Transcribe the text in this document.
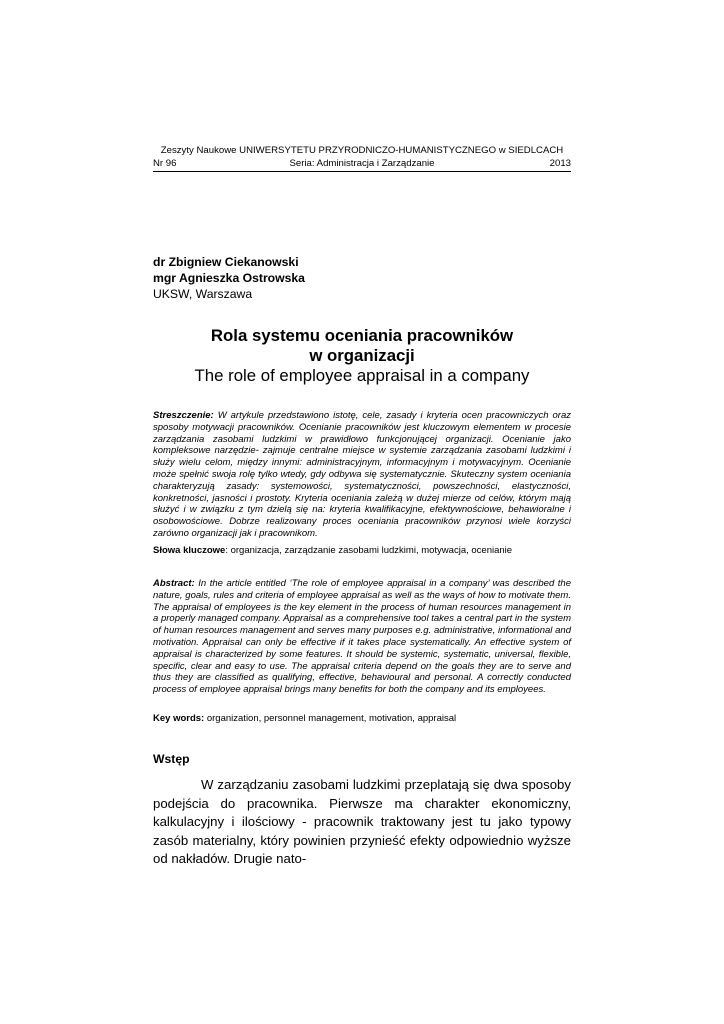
Zeszyty Naukowe UNIWERSYTETU PRZYRODNICZO-HUMANISTYCZNEGO w SIEDLCACH
Nr 96	Seria: Administracja i Zarządzanie	2013
dr Zbigniew Ciekanowski
mgr Agnieszka Ostrowska
UKSW, Warszawa
Rola systemu oceniania pracowników
w organizacji
The role of employee appraisal in a company
Streszczenie: W artykule przedstawiono istotę, cele, zasady i kryteria ocen pracowniczych oraz sposoby motywacji pracowników. Ocenianie pracowników jest kluczowym elementem w procesie zarządzania zasobami ludzkimi w prawidłowo funkcjonującej organizacji. Ocenianie jako kompleksowe narzędzie- zajmuje centralne miejsce w systemie zarządzania zasobami ludzkimi i służy wielu celom, między innymi: administracyjnym, informacyjnym i motywacyjnym. Ocenianie może spełnić swoja rolę tylko wtedy, gdy odbywa się systematycznie. Skuteczny system oceniania charakteryzują zasady: systemowości, systematyczności, powszechności, elastyczności, konkretności, jasności i prostoty. Kryteria oceniania zależą w dużej mierze od celów, którym mają służyć i w związku z tym dzielą się na: kryteria kwalifikacyjne, efektywnościowe, behawioralne i osobowościowe. Dobrze realizowany proces oceniania pracowników przynosi wiele korzyści zarówno organizacji jak i pracownikom.
Słowa kluczowe: organizacja, zarządzanie zasobami ludzkimi, motywacja, ocenianie
Abstract: In the article entitled ‘The role of employee appraisal in a company’ was described the nature, goals, rules and criteria of employee appraisal as well as the ways of how to motivate them. The appraisal of employees is the key element in the process of human resources management in a properly managed company. Appraisal as a comprehensive tool takes a central part in the system of human resources management and serves many purposes e.g. administrative, informational and motivation. Appraisal can only be effective if it takes place systematically. An effective system of appraisal is characterized by some features. It should be systemic, systematic, universal, flexible, specific, clear and easy to use. The appraisal criteria depend on the goals they are to serve and thus they are classified as qualifying, effective, behavioural and personal. A correctly conducted process of employee appraisal brings many benefits for both the company and its employees.
Key words: organization, personnel management, motivation, appraisal
Wstęp
W zarządzaniu zasobami ludzkimi przeplatają się dwa sposoby podejścia do pracownika. Pierwsze ma charakter ekonomiczny, kalkulacyjny i ilościowy - pracownik traktowany jest tu jako typowy zasób materialny, który powinien przynieść efekty odpowiednio wyższe od nakładów. Drugie nato-
